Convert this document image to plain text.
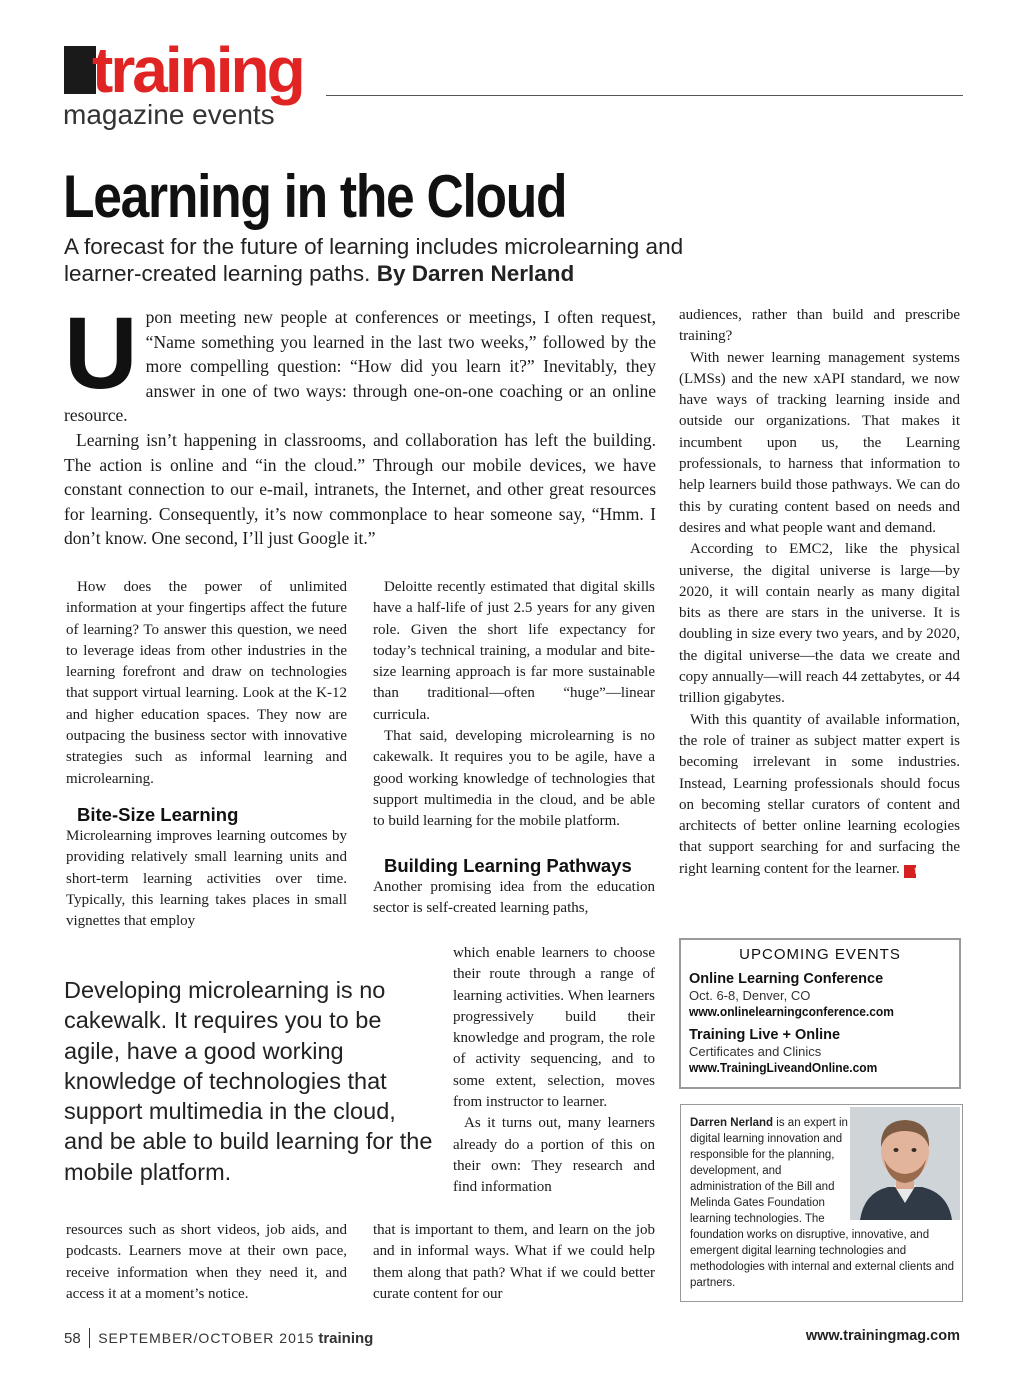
training
magazine events
Learning in the Cloud
A forecast for the future of learning includes microlearning and learner-created learning paths. By Darren Nerland
U pon meeting new people at conferences or meetings, I often request, “Name something you learned in the last two weeks,” followed by the more compelling question: “How did you learn it?” Inevitably, they answer in one of two ways: through one-on-one coaching or an online resource.

Learning isn’t happening in classrooms, and collaboration has left the building. The action is online and “in the cloud.” Through our mobile devices, we have constant connection to our e-mail, intranets, the Internet, and other great resources for learning. Consequently, it’s now commonplace to hear someone say, “Hmm. I don’t know. One second, I’ll just Google it.”

How does the power of unlimited information at your fingertips affect the future of learning? To answer this question, we need to leverage ideas from other industries in the learning forefront and draw on technologies that support virtual learning. Look at the K-12 and higher education spaces. They now are outpacing the business sector with innovative strategies such as informal learning and microlearning.

Bite-Size Learning

Microlearning improves learning outcomes by providing relatively small learning units and short-term learning activities over time. Typically, this learning takes places in small vignettes that employ

Developing microlearning is no cakewalk. It requires you to be agile, have a good working knowledge of technologies that support multimedia in the cloud, and be able to build learning for the mobile platform.

resources such as short videos, job aids, and podcasts. Learners move at their own pace, receive information when they need it, and access it at a moment’s notice.

Deloitte recently estimated that digital skills have a half-life of just 2.5 years for any given role. Given the short life expectancy for today’s technical training, a modular and bite-size learning approach is far more sustainable than traditional—often “huge”—linear curricula.

That said, developing microlearning is no cakewalk. It requires you to be agile, have a good working knowledge of technologies that support multimedia in the cloud, and be able to build learning for the mobile platform.

Building Learning Pathways

Another promising idea from the education sector is self-created learning paths,

which enable learners to choose their route through a range of learning activities. When learners progressively build their knowledge and program, the role of activity sequencing, and to some extent, selection, moves from instructor to learner.

As it turns out, many learners already do a portion of this on their own: They research and find information

that is important to them, and learn on the job and in informal ways. What if we could help them along that path? What if we could better curate content for our

audiences, rather than build and prescribe training?

With newer learning management systems (LMSs) and the new xAPI standard, we now have ways of tracking learning inside and outside our organizations. That makes it incumbent upon us, the Learning professionals, to harness that information to help learners build those pathways. We can do this by curating content based on needs and desires and what people want and demand.

According to EMC2, like the physical universe, the digital universe is large—by 2020, it will contain nearly as many digital bits as there are stars in the universe. It is doubling in size every two years, and by 2020, the digital universe—the data we create and copy annually—will reach 44 zettabytes, or 44 trillion gigabytes.

With this quantity of available information, the role of trainer as subject matter expert is becoming irrelevant in some industries. Instead, Learning professionals should focus on becoming stellar curators of content and architects of better online learning ecologies that support searching for and surfacing the right learning content for the learner. t

UPCOMING EVENTS
Online Learning Conference
Oct. 6-8, Denver, CO
www.onlinelearningconference.com
Training Live + Online
Certificates and Clinics
www.TrainingLiveandOnline.com
Darren Nerland is an expert in digital learning innovation and responsible for the planning, development, and administration of the Bill and Melinda Gates Foundation learning technologies. The
foundation works on disruptive, innovative, and emergent digital learning technologies and methodologies with internal and external clients and partners.
58 SEPTEMBER/OCTOBER 2015 training	www.trainingmag.com
